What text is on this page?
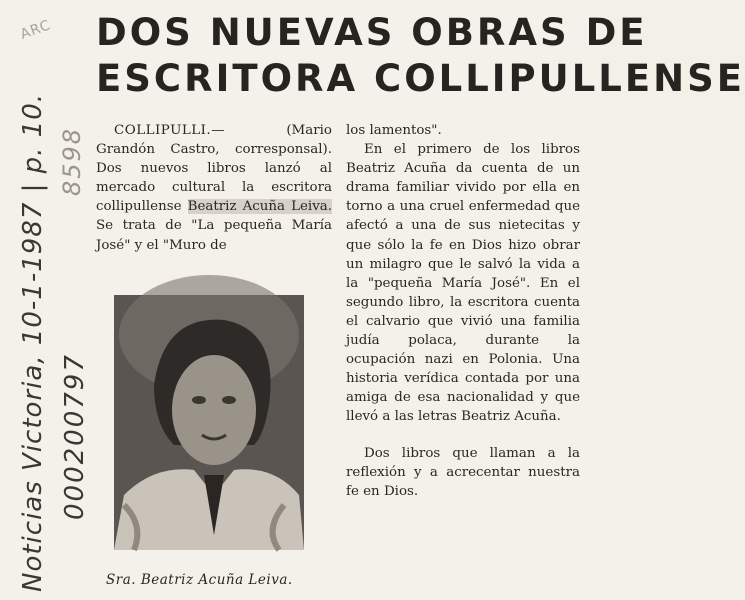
ARC DOS NUEVAS OBRAS DE
ESCRITORA COLLIPULLENSE

COLLIPULLI.— (Mario Grandón Castro, corresponsal). Dos nuevos libros lanzó al mercado cultural la escritora collipullense Beatriz Acuña Leiva. Se trata de "La pequeña María José" y el "Muro de

Sra. Beatriz Acuña Leiva.

los lamentos".

En el primero de los libros Beatriz Acuña da cuenta de un drama familiar vivido por ella en torno a una cruel enfermedad que afectó a una de sus nietecitas y que sólo la fe en Dios hizo obrar un milagro que le salvó la vida a la "pequeña María José". En el segundo libro, la escritora cuenta el calvario que vivió una familia judía polaca, durante la ocupación nazi en Polonia. Una historia verídica contada por una amiga de esa nacionalidad y que llevó a las letras Beatriz Acuña.

Dos libros que llaman a la reflexión y a acrecentar nuestra fe en Dios.

Noticias Victoria, 10-1-1987 | p. 10. 000200797
8598
